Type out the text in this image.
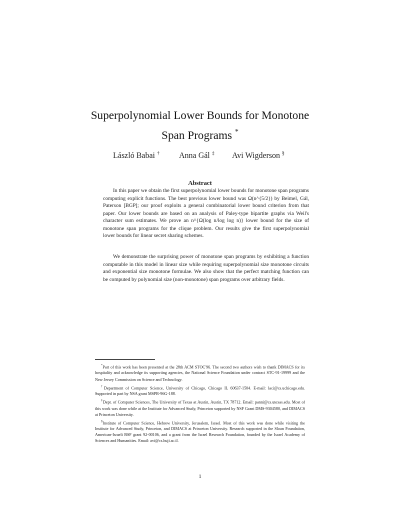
Superpolynomial Lower Bounds for Monotone
Span Programs *
László Babai † Anna Gál ‡ Avi Wigderson §
Abstract

In this paper we obtain the first superpolynomial lower bounds for monotone span programs computing explicit functions. The best previous lower bound was Ω(n^{5/2}) by Beimel, Gál, Paterson [BGP]; our proof exploits a general combinatorial lower bound criterion from that paper. Our lower bounds are based on an analysis of Paley-type bipartite graphs via Weil's character sum estimates. We prove an n^{Ω(log n/log log n)} lower bound for the size of monotone span programs for the clique problem. Our results give the first superpolynomial lower bounds for linear secret sharing schemes.

We demonstrate the surprising power of monotone span programs by exhibiting a function computable in this model in linear size while requiring superpolynomial size monotone circuits and exponential size monotone formulae. We also show that the perfect matching function can be computed by polynomial size (non-monotone) span programs over arbitrary fields.

*Part of this work has been presented at the 28th ACM STOC'96. The second two authors wish to thank DIMACS for its hospitality and acknowledge its supporting agencies, the National Science Foundation under contract STC-91-19999 and the New Jersey Commission on Science and Technology.

†Department of Computer Science, University of Chicago, Chicago IL 60637-1504. E-mail: laci@cs.uchicago.edu. Supported in part by NSA grant MSPR-96G-188.

‡Dept. of Computer Sciences, The University of Texas at Austin, Austin, TX 78712. Email: panni@cs.utexas.edu. Most of this work was done while at the Institute for Advanced Study, Princeton supported by NSF Grant DMS-9304580, and DIMACS at Princeton University.

§Institute of Computer Science, Hebrew University, Jerusalem, Israel. Most of this work was done while visiting the Institute for Advanced Study, Princeton, and DIMACS at Princeton University. Research supported in the Sloan Foundation, American-Israeli BSF grant 92-00106, and a grant from the Israel Research Foundation, founded by the Israel Academy of Sciences and Humanities. Email: avi@cs.huji.ac.il.

1
